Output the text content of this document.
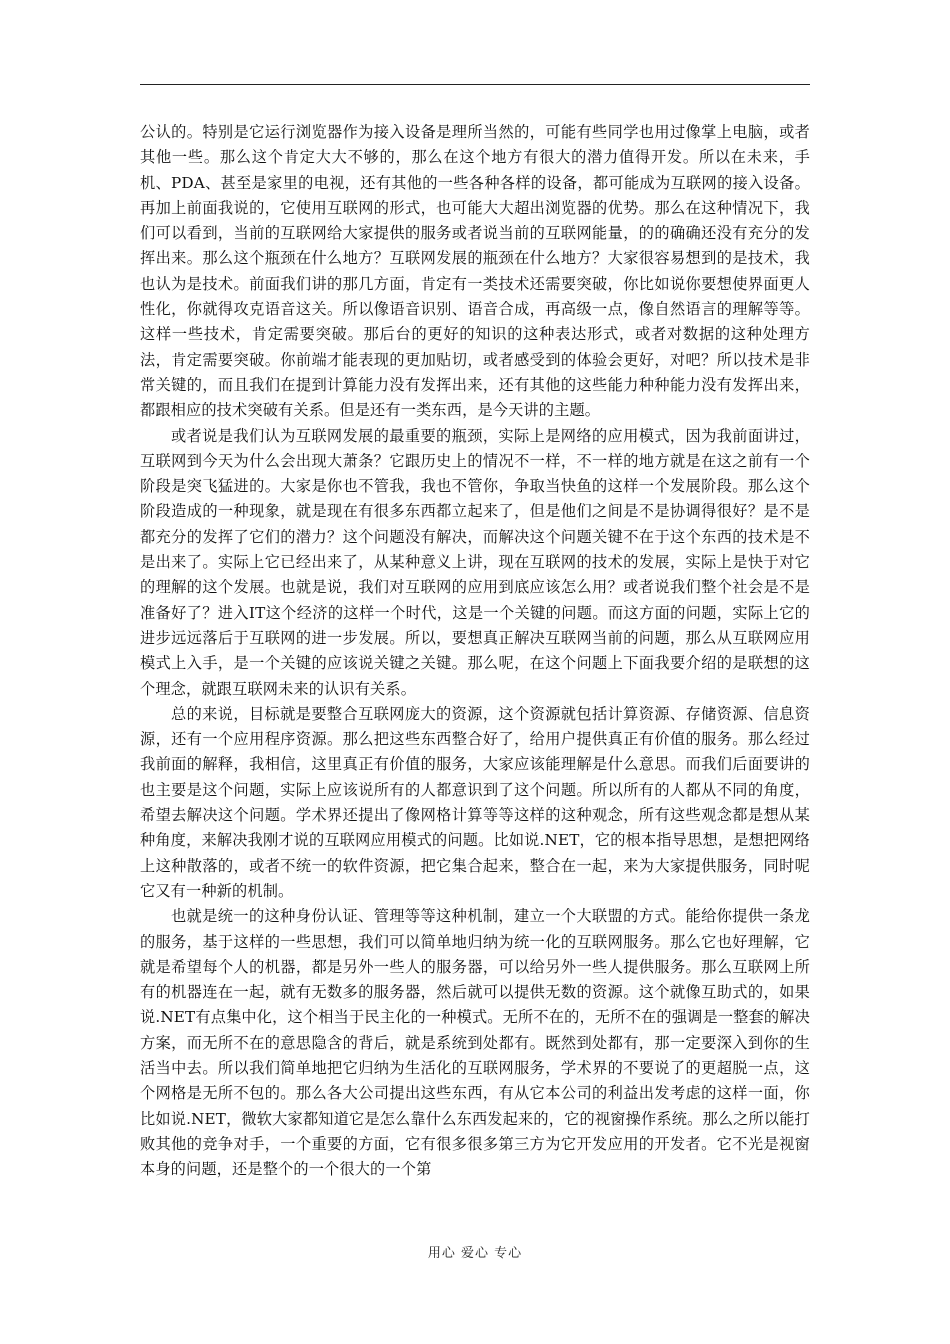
公认的。特别是它运行浏览器作为接入设备是理所当然的，可能有些同学也用过像掌上电脑，或者其他一些。那么这个肯定大大不够的，那么在这个地方有很大的潜力值得开发。所以在未来，手机、PDA、甚至是家里的电视，还有其他的一些各种各样的设备，都可能成为互联网的接入设备。再加上前面我说的，它使用互联网的形式，也可能大大超出浏览器的优势。那么在这种情况下，我们可以看到，当前的互联网给大家提供的服务或者说当前的互联网能量，的的确确还没有充分的发挥出来。那么这个瓶颈在什么地方？互联网发展的瓶颈在什么地方？大家很容易想到的是技术，我也认为是技术。前面我们讲的那几方面，肯定有一类技术还需要突破，你比如说你要想使界面更人性化，你就得攻克语音这关。所以像语音识别、语音合成，再高级一点，像自然语言的理解等等。这样一些技术，肯定需要突破。那后台的更好的知识的这种表达形式，或者对数据的这种处理方法，肯定需要突破。你前端才能表现的更加贴切，或者感受到的体验会更好，对吧？所以技术是非常关键的，而且我们在提到计算能力没有发挥出来，还有其他的这些能力种种能力没有发挥出来，都跟相应的技术突破有关系。但是还有一类东西，是今天讲的主题。

或者说是我们认为互联网发展的最重要的瓶颈，实际上是网络的应用模式，因为我前面讲过，互联网到今天为什么会出现大萧条？它跟历史上的情况不一样，不一样的地方就是在这之前有一个阶段是突飞猛进的。大家是你也不管我，我也不管你，争取当快鱼的这样一个发展阶段。那么这个阶段造成的一种现象，就是现在有很多东西都立起来了，但是他们之间是不是协调得很好？是不是都充分的发挥了它们的潜力？这个问题没有解决，而解决这个问题关键不在于这个东西的技术是不是出来了。实际上它已经出来了，从某种意义上讲，现在互联网的技术的发展，实际上是快于对它的理解的这个发展。也就是说，我们对互联网的应用到底应该怎么用？或者说我们整个社会是不是准备好了？进入IT这个经济的这样一个时代，这是一个关键的问题。而这方面的问题，实际上它的进步远远落后于互联网的进一步发展。所以，要想真正解决互联网当前的问题，那么从互联网应用模式上入手，是一个关键的应该说关键之关键。那么呢，在这个问题上下面我要介绍的是联想的这个理念，就跟互联网未来的认识有关系。

总的来说，目标就是要整合互联网庞大的资源，这个资源就包括计算资源、存储资源、信息资源，还有一个应用程序资源。那么把这些东西整合好了，给用户提供真正有价值的服务。那么经过我前面的解释，我相信，这里真正有价值的服务，大家应该能理解是什么意思。而我们后面要讲的也主要是这个问题，实际上应该说所有的人都意识到了这个问题。所以所有的人都从不同的角度，希望去解决这个问题。学术界还提出了像网格计算等等这样的这种观念，所有这些观念都是想从某种角度，来解决我刚才说的互联网应用模式的问题。比如说.NET，它的根本指导思想，是想把网络上这种散落的，或者不统一的软件资源，把它集合起来，整合在一起，来为大家提供服务，同时呢它又有一种新的机制。

也就是统一的这种身份认证、管理等等这种机制，建立一个大联盟的方式。能给你提供一条龙的服务，基于这样的一些思想，我们可以简单地归纳为统一化的互联网服务。那么它也好理解，它就是希望每个人的机器，都是另外一些人的服务器，可以给另外一些人提供服务。那么互联网上所有的机器连在一起，就有无数多的服务器，然后就可以提供无数的资源。这个就像互助式的，如果说.NET有点集中化，这个相当于民主化的一种模式。无所不在的，无所不在的强调是一整套的解决方案，而无所不在的意思隐含的背后，就是系统到处都有。既然到处都有，那一定要深入到你的生活当中去。所以我们简单地把它归纳为生活化的互联网服务，学术界的不要说了的更超脱一点，这个网格是无所不包的。那么各大公司提出这些东西，有从它本公司的利益出发考虑的这样一面，你比如说.NET，微软大家都知道它是怎么靠什么东西发起来的，它的视窗操作系统。那么之所以能打败其他的竞争对手，一个重要的方面，它有很多很多第三方为它开发应用的开发者。它不光是视窗本身的问题，还是整个的一个很大的一个第

用心 爱心 专心
